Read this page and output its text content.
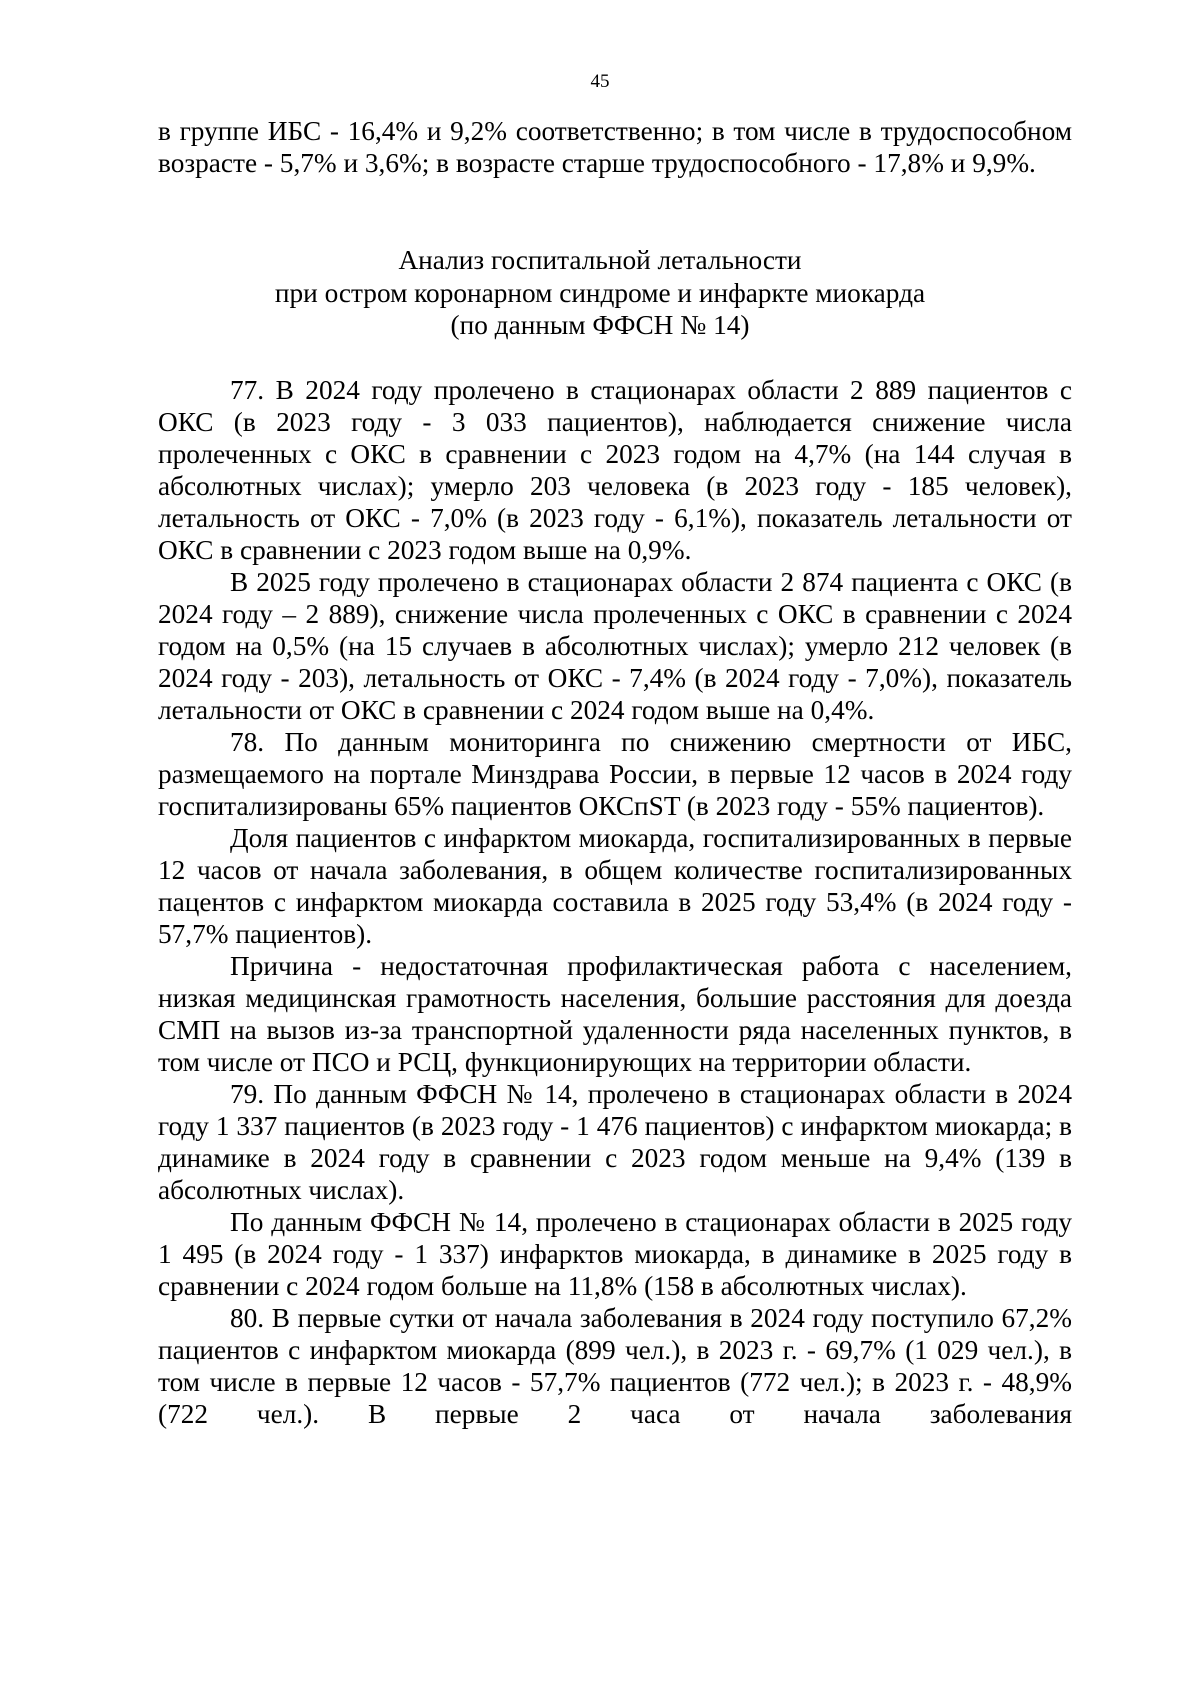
45

в группе ИБС - 16,4% и 9,2% соответственно; в том числе в трудоспособном возрасте - 5,7% и 3,6%; в возрасте старше трудоспособного - 17,8% и 9,9%.

Анализ госпитальной летальности
при остром коронарном синдроме и инфаркте миокарда
(по данным ФФСН № 14)

77. В 2024 году пролечено в стационарах области 2 889 пациентов с ОКС (в 2023 году - 3 033 пациентов), наблюдается снижение числа пролеченных с ОКС в сравнении с 2023 годом на 4,7% (на 144 случая в абсолютных числах); умерло 203 человека (в 2023 году - 185 человек), летальность от ОКС - 7,0% (в 2023 году - 6,1%), показатель летальности от ОКС в сравнении с 2023 годом выше на 0,9%.

В 2025 году пролечено в стационарах области 2 874 пациента с ОКС (в 2024 году – 2 889), снижение числа пролеченных с ОКС в сравнении с 2024 годом на 0,5% (на 15 случаев в абсолютных числах); умерло 212 человек (в 2024 году - 203), летальность от ОКС - 7,4% (в 2024 году - 7,0%), показатель летальности от ОКС в сравнении с 2024 годом выше на 0,4%.

78. По данным мониторинга по снижению смертности от ИБС, размещаемого на портале Минздрава России, в первые 12 часов в 2024 году госпитализированы 65% пациентов ОКСпST (в 2023 году - 55% пациентов).

Доля пациентов с инфарктом миокарда, госпитализированных в первые 12 часов от начала заболевания, в общем количестве госпитализированных пацентов с инфарктом миокарда составила в 2025 году 53,4% (в 2024 году - 57,7% пациентов).

Причина - недостаточная профилактическая работа с населением, низкая медицинская грамотность населения, большие расстояния для доезда СМП на вызов из-за транспортной удаленности ряда населенных пунктов, в том числе от ПСО и РСЦ, функционирующих на территории области.

79. По данным ФФСН № 14, пролечено в стационарах области в 2024 году 1 337 пациентов (в 2023 году - 1 476 пациентов) с инфарктом миокарда; в динамике в 2024 году в сравнении с 2023 годом меньше на 9,4% (139 в абсолютных числах).

По данным ФФСН № 14, пролечено в стационарах области в 2025 году 1 495 (в 2024 году - 1 337) инфарктов миокарда, в динамике в 2025 году в сравнении с 2024 годом больше на 11,8% (158 в абсолютных числах).

80. В первые сутки от начала заболевания в 2024 году поступило 67,2% пациентов с инфарктом миокарда (899 чел.), в 2023 г. - 69,7% (1 029 чел.), в том числе в первые 12 часов - 57,7% пациентов (772 чел.); в 2023 г. - 48,9% (722 чел.). В первые 2 часа от начала заболевания
